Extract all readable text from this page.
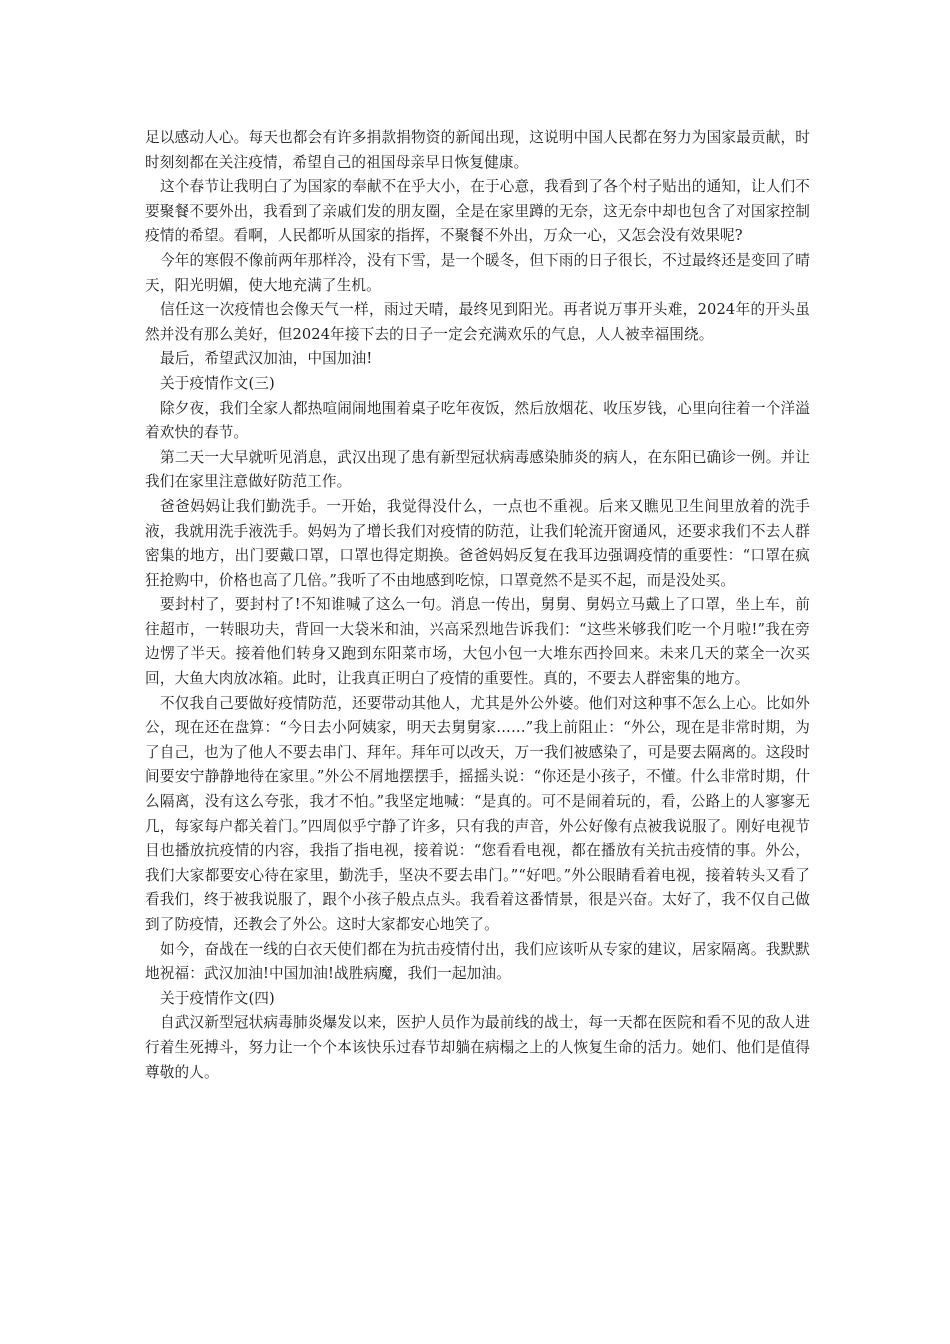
足以感动人心。每天也都会有许多捐款捐物资的新闻出现，这说明中国人民都在努力为国家最贡献，时时刻刻都在关注疫情，希望自己的祖国母亲早日恢复健康。

这个春节让我明白了为国家的奉献不在乎大小，在于心意，我看到了各个村子贴出的通知，让人们不要聚餐不要外出，我看到了亲戚们发的朋友圈，全是在家里蹲的无奈，这无奈中却也包含了对国家控制疫情的希望。看啊，人民都听从国家的指挥，不聚餐不外出，万众一心，又怎会没有效果呢?

今年的寒假不像前两年那样冷，没有下雪，是一个暖冬，但下雨的日子很长，不过最终还是变回了晴天，阳光明媚，使大地充满了生机。

信任这一次疫情也会像天气一样，雨过天晴，最终见到阳光。再者说万事开头难，2024年的开头虽然并没有那么美好，但2024年接下去的日子一定会充满欢乐的气息，人人被幸福围绕。

最后，希望武汉加油，中国加油!

关于疫情作文(三)

除夕夜，我们全家人都热喧闹闹地围着桌子吃年夜饭，然后放烟花、收压岁钱，心里向往着一个洋溢着欢快的春节。

第二天一大早就听见消息，武汉出现了患有新型冠状病毒感染肺炎的病人，在东阳已确诊一例。并让我们在家里注意做好防范工作。

爸爸妈妈让我们勤洗手。一开始，我觉得没什么，一点也不重视。后来又瞧见卫生间里放着的洗手液，我就用洗手液洗手。妈妈为了增长我们对疫情的防范，让我们轮流开窗通风，还要求我们不去人群密集的地方，出门要戴口罩，口罩也得定期换。爸爸妈妈反复在我耳边强调疫情的重要性：“口罩在疯狂抢购中，价格也高了几倍。”我听了不由地感到吃惊，口罩竟然不是买不起，而是没处买。

要封村了，要封村了!不知谁喊了这么一句。消息一传出，舅舅、舅妈立马戴上了口罩，坐上车，前往超市，一转眼功夫，背回一大袋米和油，兴高采烈地告诉我们：“这些米够我们吃一个月啦!”我在旁边愣了半天。接着他们转身又跑到东阳菜市场，大包小包一大堆东西拎回来。未来几天的菜全一次买回，大鱼大肉放冰箱。此时，让我真正明白了疫情的重要性。真的，不要去人群密集的地方。

不仅我自己要做好疫情防范，还要带动其他人，尤其是外公外婆。他们对这种事不怎么上心。比如外公，现在还在盘算：“今日去小阿姨家，明天去舅舅家……”我上前阻止：“外公，现在是非常时期，为了自己，也为了他人不要去串门、拜年。拜年可以改天，万一我们被感染了，可是要去隔离的。这段时间要安宁静静地待在家里。”外公不屑地摆摆手，摇摇头说：“你还是小孩子，不懂。什么非常时期，什么隔离，没有这么夸张，我才不怕。”我坚定地喊：“是真的。可不是闹着玩的，看，公路上的人寥寥无几，每家每户都关着门。”四周似乎宁静了许多，只有我的声音，外公好像有点被我说服了。刚好电视节目也播放抗疫情的内容，我指了指电视，接着说：“您看看电视，都在播放有关抗击疫情的事。外公，我们大家都要安心待在家里，勤洗手，坚决不要去串门。”“好吧。”外公眼睛看着电视，接着转头又看了看我们，终于被我说服了，跟个小孩子般点点头。我看着这番情景，很是兴奋。太好了，我不仅自己做到了防疫情，还教会了外公。这时大家都安心地笑了。

如今，奋战在一线的白衣天使们都在为抗击疫情付出，我们应该听从专家的建议，居家隔离。我默默地祝福：武汉加油!中国加油!战胜病魔，我们一起加油。

关于疫情作文(四)

自武汉新型冠状病毒肺炎爆发以来，医护人员作为最前线的战士，每一天都在医院和看不见的敌人进行着生死搏斗，努力让一个个本该快乐过春节却躺在病榻之上的人恢复生命的活力。她们、他们是值得尊敬的人。
